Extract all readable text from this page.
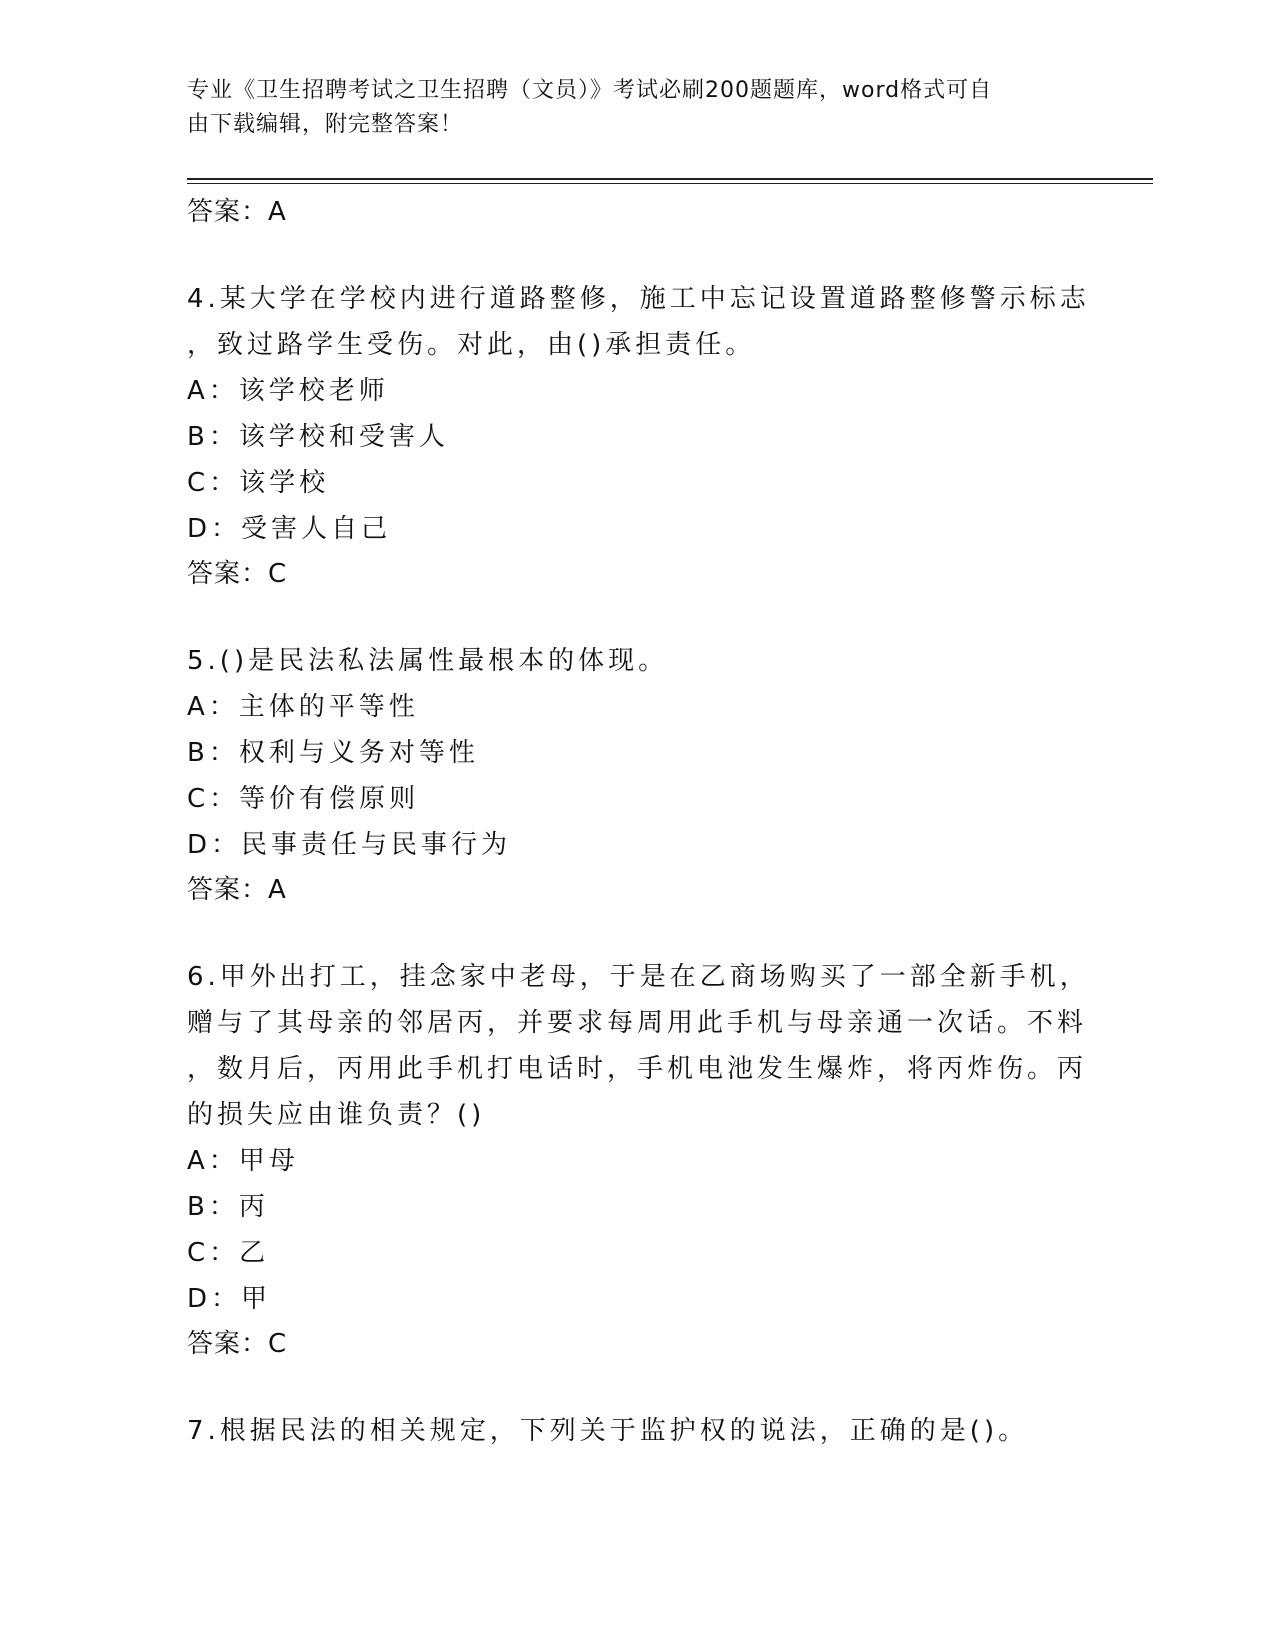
专业《卫生招聘考试之卫生招聘（文员）》考试必刷200题题库，word格式可自
由下载编辑，附完整答案！
答案：A
4.某大学在学校内进行道路整修，施工中忘记设置道路整修警示标志
，致过路学生受伤。对此，由()承担责任。
A：该学校老师
B：该学校和受害人
C：该学校
D：受害人自己
答案：C
5.()是民法私法属性最根本的体现。
A：主体的平等性
B：权利与义务对等性
C：等价有偿原则
D：民事责任与民事行为
答案：A
6.甲外出打工，挂念家中老母，于是在乙商场购买了一部全新手机，
赠与了其母亲的邻居丙，并要求每周用此手机与母亲通一次话。不料
，数月后，丙用此手机打电话时，手机电池发生爆炸，将丙炸伤。丙
的损失应由谁负责？()
A：甲母
B：丙
C：乙
D：甲
答案：C
7.根据民法的相关规定，下列关于监护权的说法，正确的是()。
